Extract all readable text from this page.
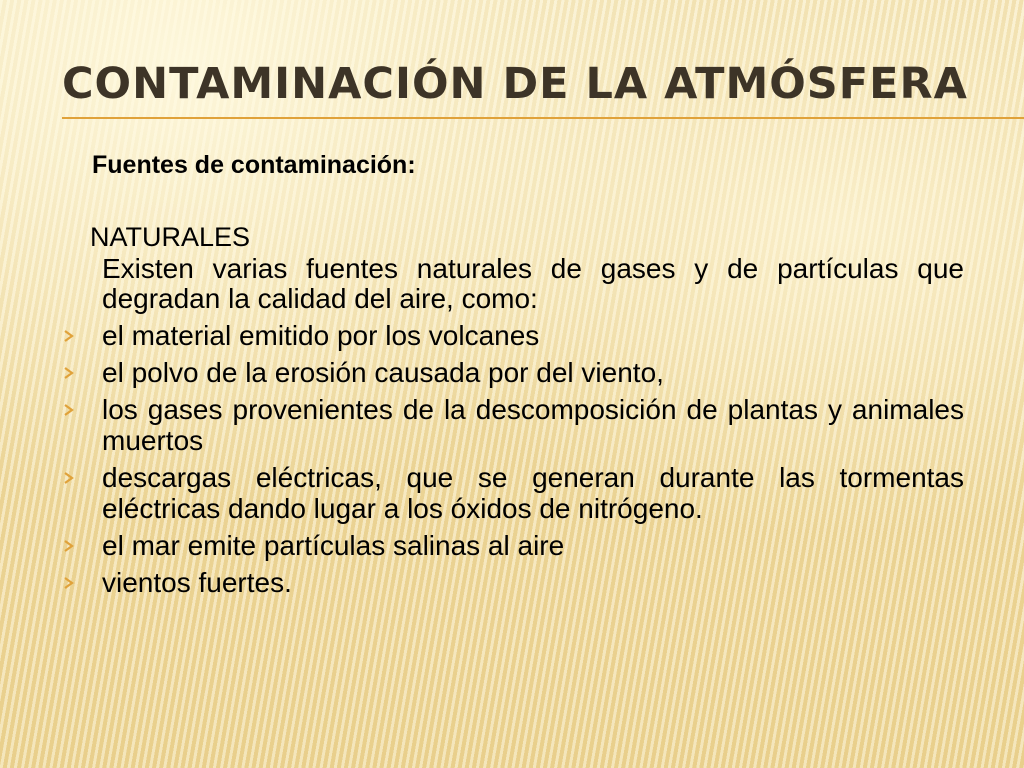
CONTAMINACIÓN DE LA ATMÓSFERA

Fuentes de contaminación:

NATURALES

Existen varias fuentes naturales de gases y de partículas que degradan la calidad del aire, como:

el material emitido por los volcanes
el polvo de la erosión causada por del viento,
los gases provenientes de la descomposición de plantas y animales muertos
descargas eléctricas, que se generan durante las tormentas eléctricas dando lugar a los óxidos de nitrógeno.
el mar emite partículas salinas al aire
vientos fuertes.
